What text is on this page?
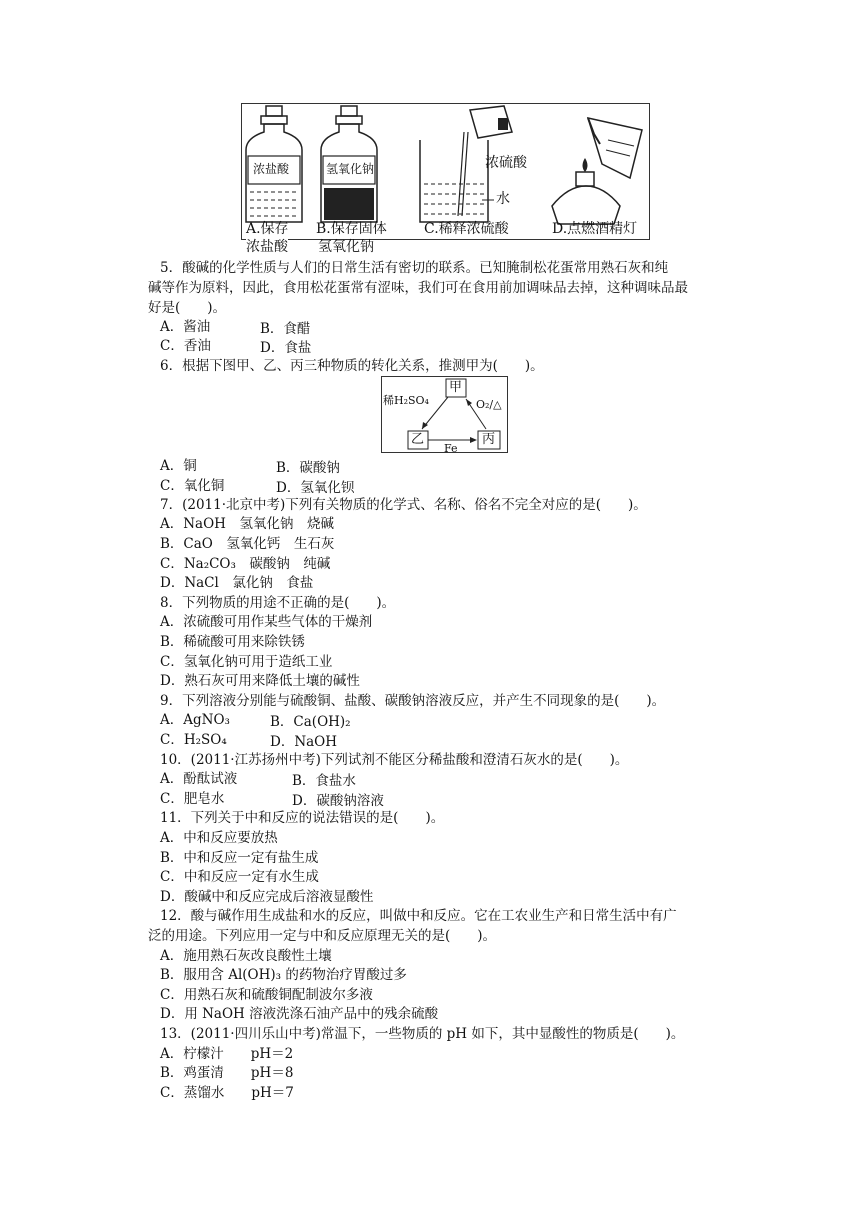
浓盐酸	氢氧化钠	浓硫酸
水
A.保存
浓盐酸
B.保存固体
氢氧化钠
C.稀释浓硫酸	D.点燃酒精灯
5．酸碱的化学性质与人们的日常生活有密切的联系。已知腌制松花蛋常用熟石灰和纯
碱等作为原料，因此，食用松花蛋常有涩味，我们可在食用前加调味品去掉，这种调味品最
好是(　　)。
A．酱油	B．食醋
C．香油	D．食盐
6．根据下图甲、乙、丙三种物质的转化关系，推测甲为(　　)。
甲
乙	丙
稀H₂SO₄	O₂/△
Fe
A．铜	B．碳酸钠
C．氧化铜	D．氢氧化钡
7．(2011·北京中考)下列有关物质的化学式、名称、俗名不完全对应的是(　　)。
A．NaOH　氢氧化钠　烧碱
B．CaO　氢氧化钙　生石灰
C．Na₂CO₃　碳酸钠　纯碱
D．NaCl　氯化钠　食盐
8．下列物质的用途不正确的是(　　)。
A．浓硫酸可用作某些气体的干燥剂
B．稀硫酸可用来除铁锈
C．氢氧化钠可用于造纸工业
D．熟石灰可用来降低土壤的碱性
9．下列溶液分别能与硫酸铜、盐酸、碳酸钠溶液反应，并产生不同现象的是(　　)。
A．AgNO₃	B．Ca(OH)₂
C．H₂SO₄	D．NaOH
10．(2011·江苏扬州中考)下列试剂不能区分稀盐酸和澄清石灰水的是(　　)。
A．酚酞试液	B．食盐水
C．肥皂水	D．碳酸钠溶液
11．下列关于中和反应的说法错误的是(　　)。
A．中和反应要放热
B．中和反应一定有盐生成
C．中和反应一定有水生成
D．酸碱中和反应完成后溶液显酸性
12．酸与碱作用生成盐和水的反应，叫做中和反应。它在工农业生产和日常生活中有广
泛的用途。下列应用一定与中和反应原理无关的是(　　)。
A．施用熟石灰改良酸性土壤
B．服用含 Al(OH)₃ 的药物治疗胃酸过多
C．用熟石灰和硫酸铜配制波尔多液
D．用 NaOH 溶液洗涤石油产品中的残余硫酸
13．(2011·四川乐山中考)常温下，一些物质的 pH 如下，其中显酸性的物质是(　　)。
A．柠檬汁　　pH＝2
B．鸡蛋清　　pH＝8
C．蒸馏水　　pH＝7
